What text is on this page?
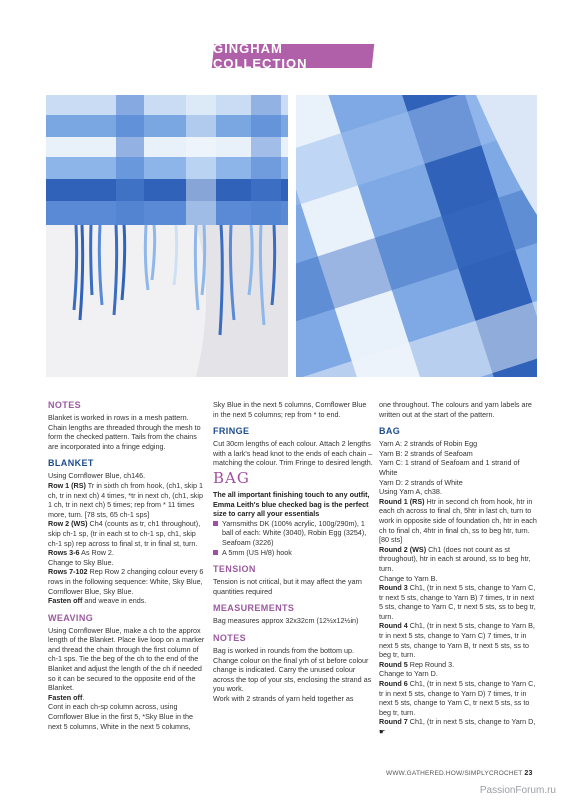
GINGHAM COLLECTION
NOTES

Blanket is worked in rows in a mesh pattern. Chain lengths are threaded through the mesh to form the checked pattern. Tails from the chains are incorporated into a fringe edging.

BLANKET

Using Cornflower Blue, ch146.

Row 1 (RS) Tr in sixth ch from hook, (ch1, skip 1 ch, tr in next ch) 4 times, *tr in next ch, (ch1, skip 1 ch, tr in next ch) 5 times; rep from * 11 times more, turn. [78 sts, 65 ch-1 sps]

Row 2 (WS) Ch4 (counts as tr, ch1 throughout), skip ch-1 sp, (tr in each st to ch-1 sp, ch1, skip ch-1 sp) rep across to final st, tr in final st, turn.

Rows 3-6 As Row 2.

Change to Sky Blue.

Rows 7-102 Rep Row 2 changing colour every 6 rows in the following sequence: White, Sky Blue, Cornflower Blue, Sky Blue.

Fasten off and weave in ends.

WEAVING

Using Cornflower Blue, make a ch to the approx length of the Blanket. Place live loop on a marker and thread the chain through the first column of ch-1 sps. Tie the beg of the ch to the end of the Blanket and adjust the length of the ch if needed so it can be secured to the opposite end of the Blanket.

Fasten off.

Cont in each ch-sp column across, using Cornflower Blue in the first 5, *Sky Blue in the next 5 columns, White in the next 5 columns,

Sky Blue in the next 5 columns, Cornflower Blue in the next 5 columns; rep from * to end.

FRINGE

Cut 30cm lengths of each colour. Attach 2 lengths with a lark's head knot to the ends of each chain – matching the colour. Trim Fringe to desired length.

BAG

The all important finishing touch to any outfit, Emma Leith's blue checked bag is the perfect size to carry all your essentials

Yarnsmiths DK (100% acrylic, 100g/290m), 1 ball of each: White (3040), Robin Egg (3254), Seafoam (3226)

A 5mm (US H/8) hook

TENSION

Tension is not critical, but it may affect the yarn quantities required

MEASUREMENTS

Bag measures approx 32x32cm (12½x12½in)

NOTES

Bag is worked in rounds from the bottom up. Change colour on the final yrh of st before colour change is indicated. Carry the unused colour across the top of your sts, enclosing the strand as you work.

Work with 2 strands of yarn held together as

one throughout. The colours and yarn labels are written out at the start of the pattern.

BAG

Yarn A: 2 strands of Robin Egg

Yarn B: 2 strands of Seafoam

Yarn C: 1 strand of Seafoam and 1 strand of White

Yarn D: 2 strands of White

Using Yarn A, ch38.

Round 1 (RS) Htr in second ch from hook, htr in each ch across to final ch, 5htr in last ch, turn to work in opposite side of foundation ch, htr in each ch to final ch, 4htr in final ch, ss to beg htr, turn. [80 sts]

Round 2 (WS) Ch1 (does not count as st throughout), htr in each st around, ss to beg htr, turn.

Change to Yarn B.

Round 3 Ch1, (tr in next 5 sts, change to Yarn C, tr next 5 sts, change to Yarn B) 7 times, tr in next 5 sts, change to Yarn C, tr next 5 sts, ss to beg tr, turn.

Round 4 Ch1, (tr in next 5 sts, change to Yarn B, tr in next 5 sts, change to Yarn C) 7 times, tr in next 5 sts, change to Yarn B, tr next 5 sts, ss to beg tr, turn.

Round 5 Rep Round 3.

Change to Yarn D.

Round 6 Ch1, (tr in next 5 sts, change to Yarn C, tr in next 5 sts, change to Yarn D) 7 times, tr in next 5 sts, change to Yarn C, tr next 5 sts, ss to beg tr, turn.

Round 7 Ch1, (tr in next 5 sts, change to Yarn D, ☛

WWW.GATHERED.HOW/SIMPLYCROCHET 23
PassionForum.ru
